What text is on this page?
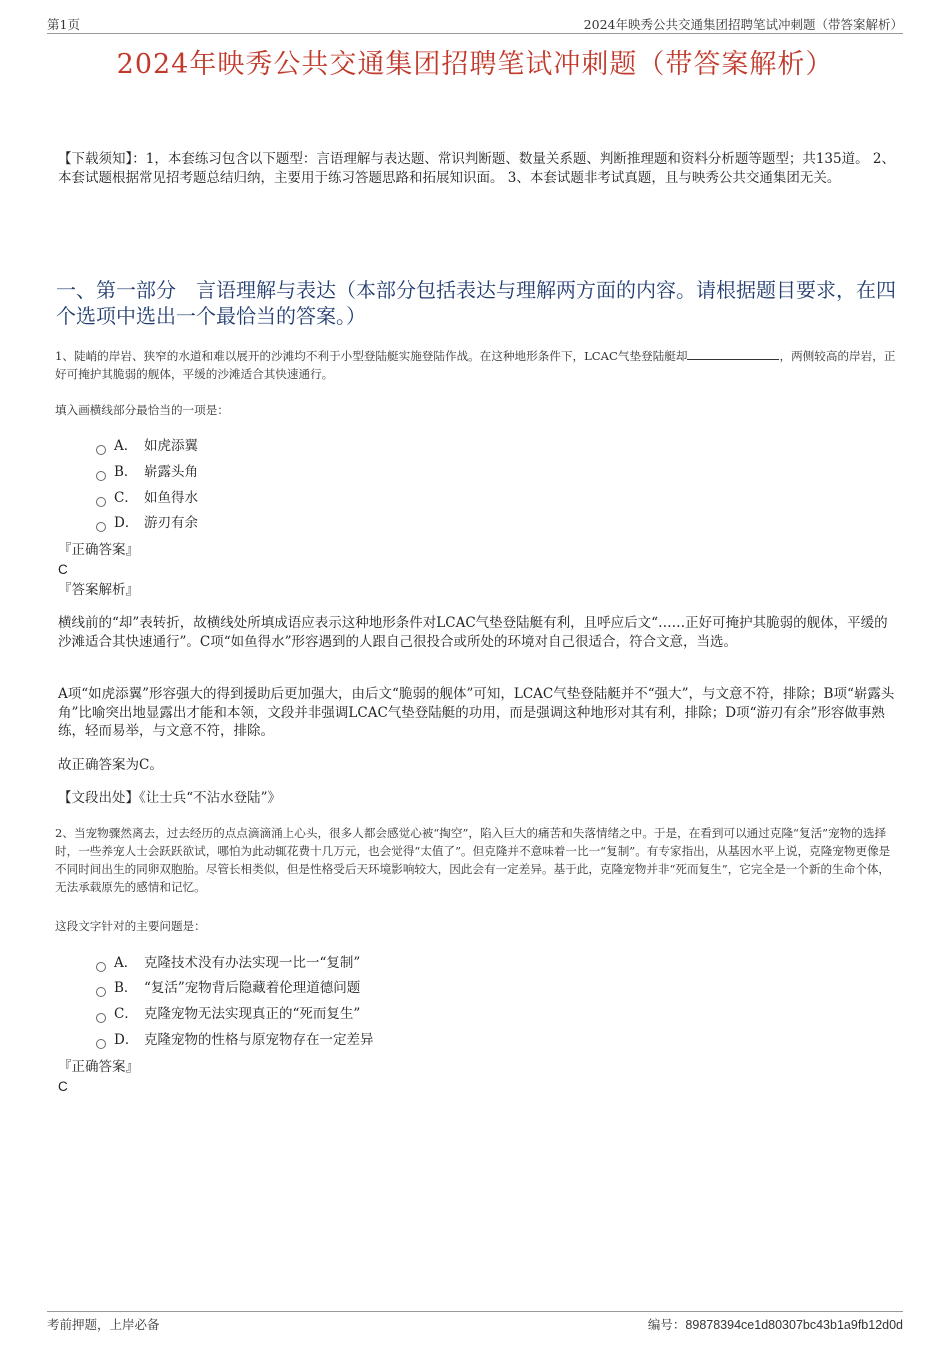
第1页	2024年映秀公共交通集团招聘笔试冲刺题（带答案解析）
2024年映秀公共交通集团招聘笔试冲刺题（带答案解析）
【下载须知】：1，本套练习包含以下题型：言语理解与表达题、常识判断题、数量关系题、判断推理题和资料分析题等题型；共135道。 2、本套试题根据常见招考题总结归纳，主要用于练习答题思路和拓展知识面。 3、本套试题非考试真题，且与映秀公共交通集团无关。
一、第一部分　言语理解与表达（本部分包括表达与理解两方面的内容。请根据题目要求，在四个选项中选出一个最恰当的答案。）
1、陡峭的岸岩、狭窄的水道和难以展开的沙滩均不利于小型登陆艇实施登陆作战。在这种地形条件下，LCAC气垫登陆艇却	，两侧较高的岸岩，正好可掩护其脆弱的舰体，平缓的沙滩适合其快速通行。
填入画横线部分最恰当的一项是：
A． 如虎添翼
B． 崭露头角
C． 如鱼得水
D． 游刃有余
『正确答案』
C
『答案解析』
横线前的“却”表转折，故横线处所填成语应表示这种地形条件对LCAC气垫登陆艇有利，且呼应后文“……正好可掩护其脆弱的舰体，平缓的沙滩适合其快速通行”。C项“如鱼得水”形容遇到的人跟自己很投合或所处的环境对自己很适合，符合文意，当选。
A项“如虎添翼”形容强大的得到援助后更加强大，由后文“脆弱的舰体”可知，LCAC气垫登陆艇并不“强大”，与文意不符，排除；B项“崭露头角”比喻突出地显露出才能和本领，文段并非强调LCAC气垫登陆艇的功用，而是强调这种地形对其有利，排除；D项“游刃有余”形容做事熟练，轻而易举，与文意不符，排除。
故正确答案为C。
【文段出处】《让士兵“不沾水登陆”》
2、当宠物骤然离去，过去经历的点点滴滴涌上心头，很多人都会感觉心被“掏空”，陷入巨大的痛苦和失落情绪之中。于是，在看到可以通过克隆“复活”宠物的选择时，一些养宠人士会跃跃欲试，哪怕为此动辄花费十几万元，也会觉得“太值了”。但克隆并不意味着一比一“复制”。有专家指出，从基因水平上说，克隆宠物更像是不同时间出生的同卵双胞胎。尽管长相类似，但是性格受后天环境影响较大，因此会有一定差异。基于此，克隆宠物并非“死而复生”，它完全是一个新的生命个体，无法承载原先的感情和记忆。
这段文字针对的主要问题是：
A． 克隆技术没有办法实现一比一“复制”
B． “复活”宠物背后隐藏着伦理道德问题
C． 克隆宠物无法实现真正的“死而复生”
D． 克隆宠物的性格与原宠物存在一定差异
『正确答案』
C
考前押题，上岸必备	编号：89878394ce1d80307bc43b1a9fb12d0d
